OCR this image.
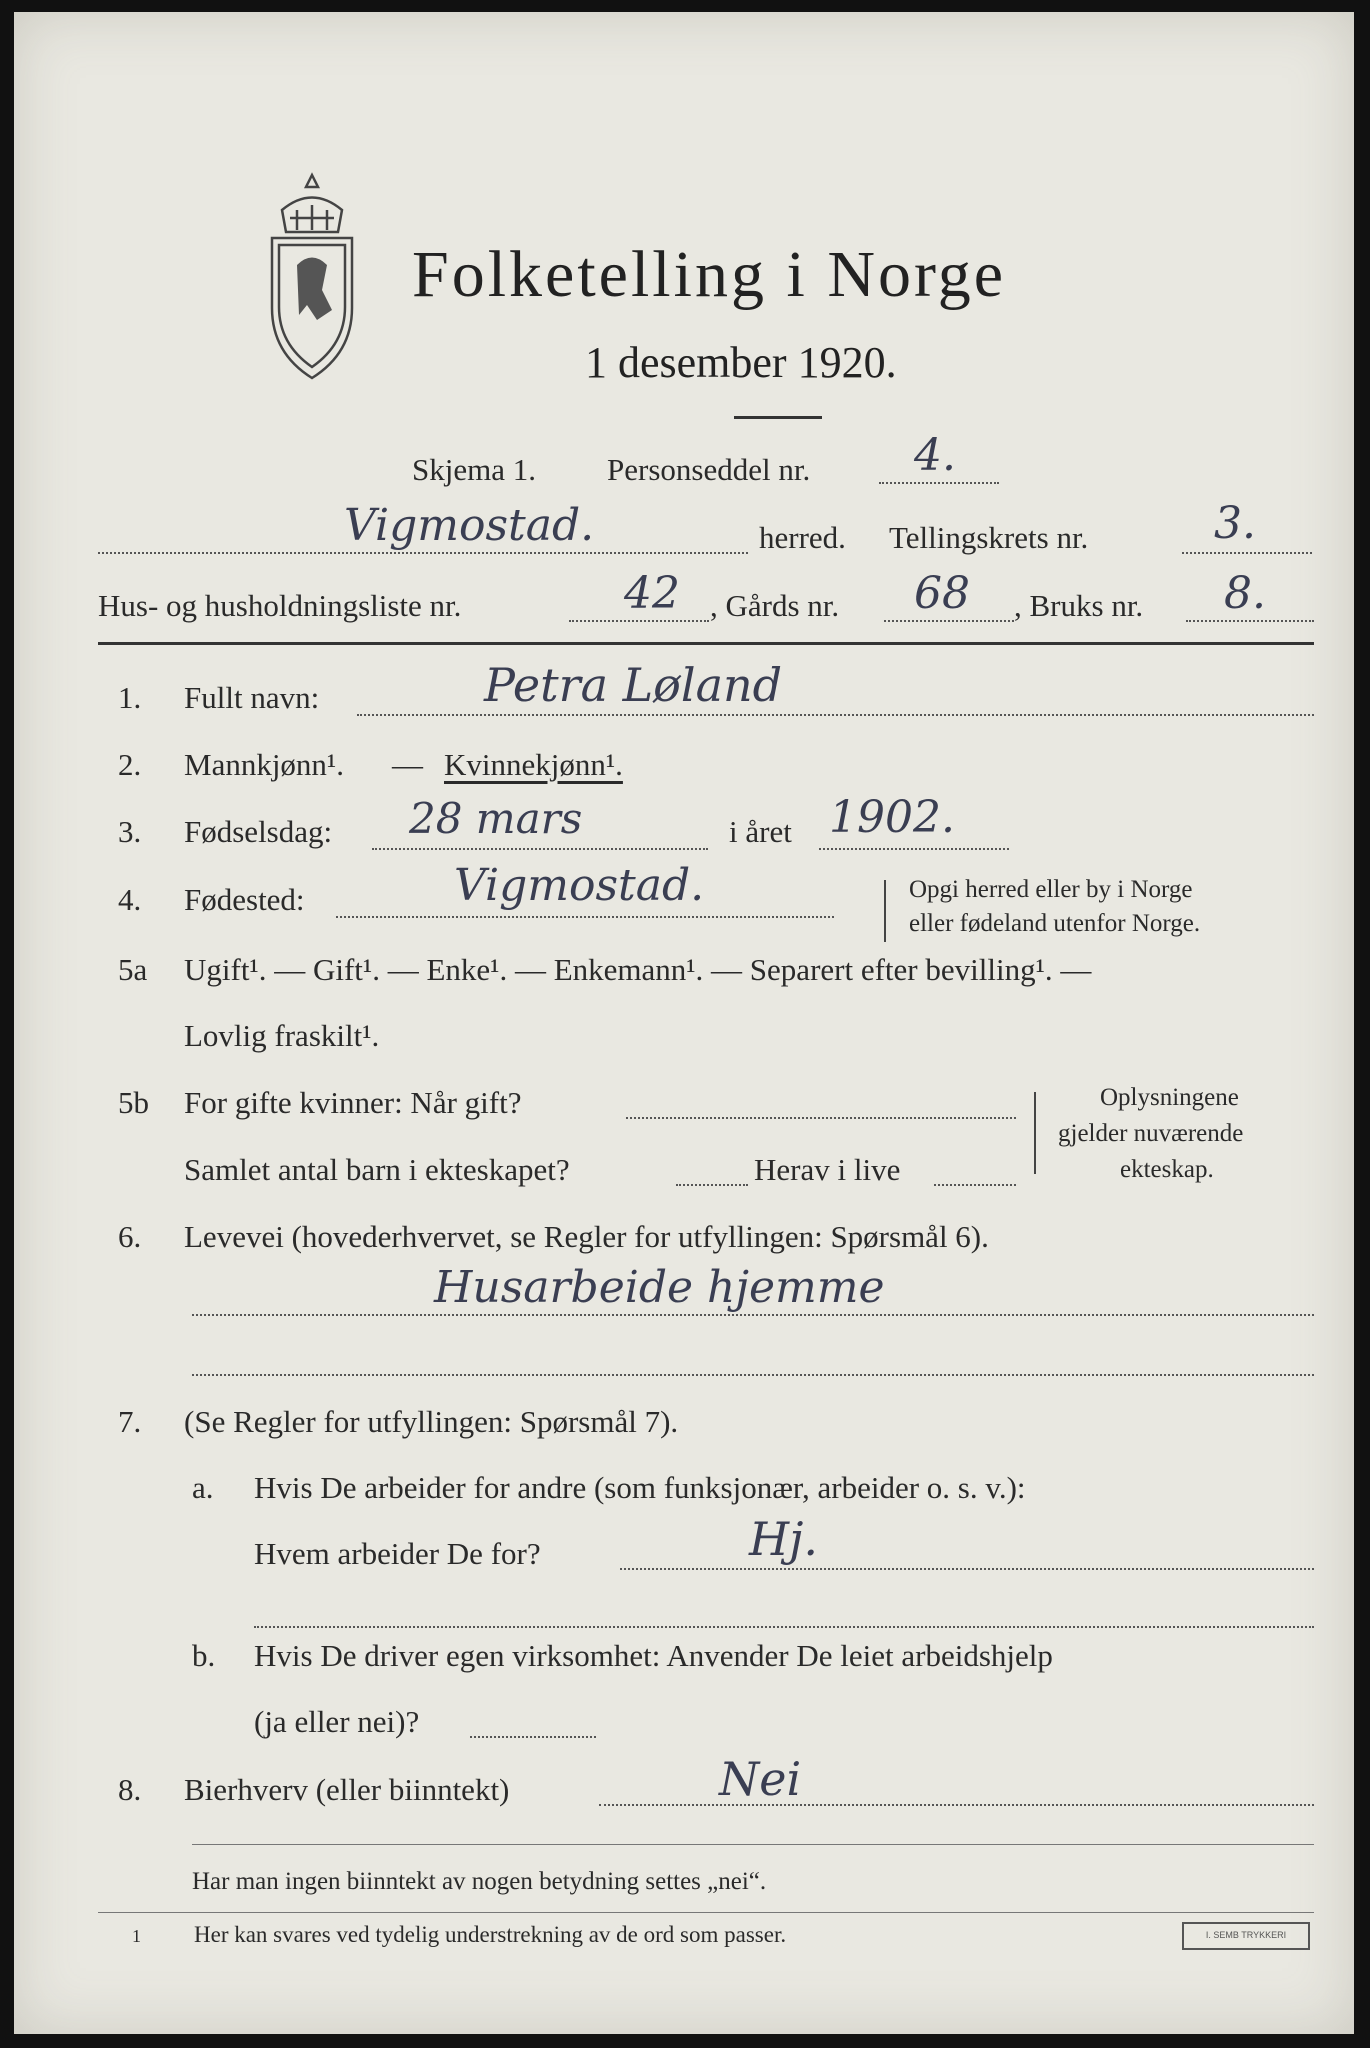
Folketelling i Norge
1 desember 1920.
Skjema 1. Personseddel nr. 4.
Vigmostad.	herred. Tellingskrets nr.	3.
Hus- og husholdningsliste nr.	42 , Gårds nr. 68 , Bruks nr. 8.
1. Fullt navn:	Petra Løland
2. Mannkjønn¹. — Kvinnekjønn¹.
3. Fødselsdag: 28 mars	i året 1902.
4. Fødested:	Vigmostad.	Opgi herred eller by i Norge
eller fødeland utenfor Norge.
5a Ugift¹. — Gift¹. — Enke¹. — Enkemann¹. — Separert efter bevilling¹. —
Lovlig fraskilt¹.
5b For gifte kvinner: Når gift?
Samlet antal barn i ekteskapet?	Herav i live
Oplysningene
gjelder nuværende
ekteskap.
6. Levevei (hovederhvervet, se Regler for utfyllingen: Spørsmål 6).
Husarbeide hjemme
7. (Se Regler for utfyllingen: Spørsmål 7).
a. Hvis De arbeider for andre (som funksjonær, arbeider o. s. v.):
Hvem arbeider De for?	Hj.
b. Hvis De driver egen virksomhet: Anvender De leiet arbeidshjelp
(ja eller nei)?
8. Bierhverv (eller biinntekt)	Nei
Har man ingen biinntekt av nogen betydning settes „nei“.
1 Her kan svares ved tydelig understrekning av de ord som passer.	I. SEMB TRYKKERI
